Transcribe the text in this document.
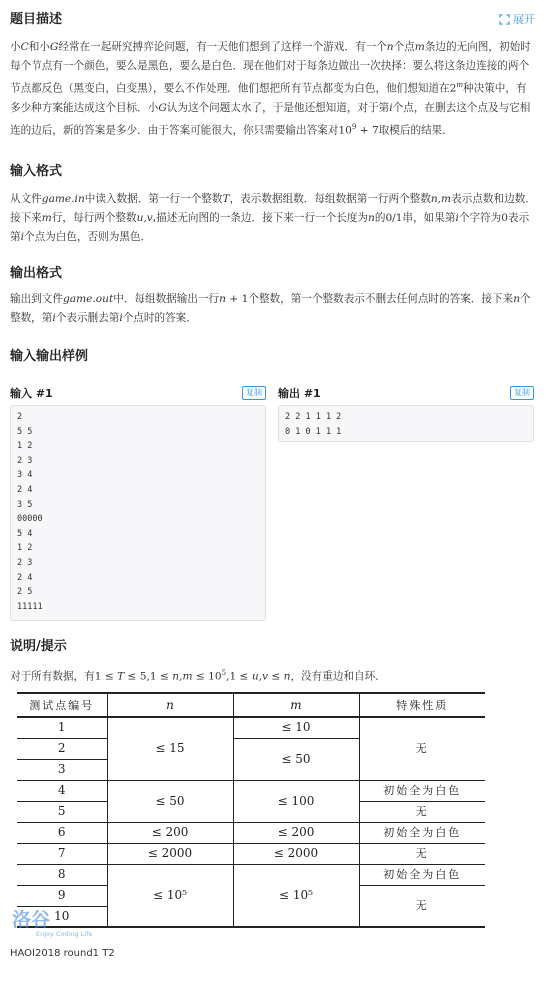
题目描述	展开
小C和小G经常在一起研究搏弈论问题，有一天他们想到了这样一个游戏．有一个n个点m条边的无向图，初始时每个节点有一个颜色，要么是黑色，要么是白色．现在他们对于每条边做出一次抉择：要么将这条边连接的两个节点都反色（黑变白，白变黑），要么不作处理．他们想把所有节点都变为白色，他们想知道在2$^m$种决策中，有多少种方案能达成这个目标．小G认为这个问题太水了，于是他还想知道，对于第i个点，在删去这个点及与它相连的边后，新的答案是多少．由于答案可能很大，你只需要输出答案对$10^9 + 7$取模后的结果．
输入格式
从文件game.in中读入数据．第一行一个整数T，表示数据组数．每组数据第一行两个整数n,m表示点数和边数．接下来m行，每行两个整数u,v,描述无向图的一条边．接下来一行一个长度为n的0/1串，如果第i个字符为0表示第i个点为白色，否则为黑色．
输出格式
输出到文件game.out中．每组数据输出一行n + 1个整数，第一个整数表示不删去任何点时的答案．接下来n个整数，第i个表示删去第i个点时的答案．
输入输出样例
输入 #1	复制
2
5 5
1 2
2 3
3 4
2 4
3 5
00000
5 4
1 2
2 3
2 4
2 5
11111
输出 #1	复制
2 2 1 1 1 2
0 1 0 1 1 1
说明/提示
对于所有数据，有$1 \le T \le 5,1 \le n,m \le 10^5,1 \le u,v \le n$，没有重边和自环．
测试点编号	n	m	特殊性质
1	≤ 15	≤ 10	无
2		≤ 50	
3			
4	≤ 50	≤ 100	初始全为白色
5			无
6	≤ 200	≤ 200	初始全为白色
7	≤ 2000	≤ 2000	无
8	≤ 10⁵	≤ 10⁵	初始全为白色
9			无
10			
洛谷
Enjoy Coding Life
HAOI2018 round1 T2
